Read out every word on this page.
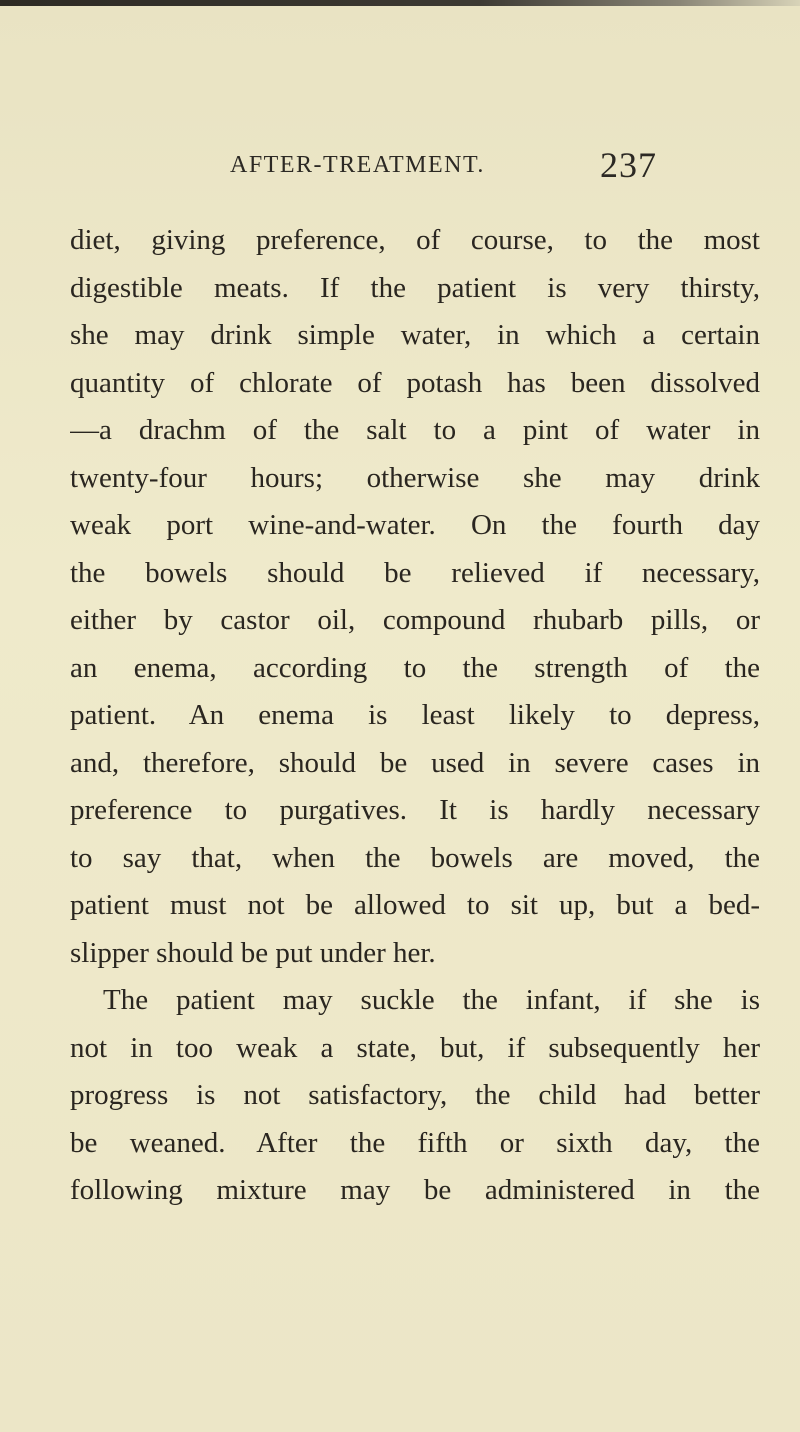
AFTER-TREATMENT.	237
diet, giving preference, of course, to the most
digestible meats. If the patient is very thirsty,
she may drink simple water, in which a certain
quantity of chlorate of potash has been dissolved
—a drachm of the salt to a pint of water in
twenty-four hours; otherwise she may drink
weak port wine-and-water. On the fourth day
the bowels should be relieved if necessary,
either by castor oil, compound rhubarb pills, or
an enema, according to the strength of the
patient. An enema is least likely to depress,
and, therefore, should be used in severe cases in
preference to purgatives. It is hardly necessary
to say that, when the bowels are moved, the
patient must not be allowed to sit up, but a bed-
slipper should be put under her.
The patient may suckle the infant, if she is
not in too weak a state, but, if subsequently her
progress is not satisfactory, the child had better
be weaned. After the fifth or sixth day, the
following mixture may be administered in the
